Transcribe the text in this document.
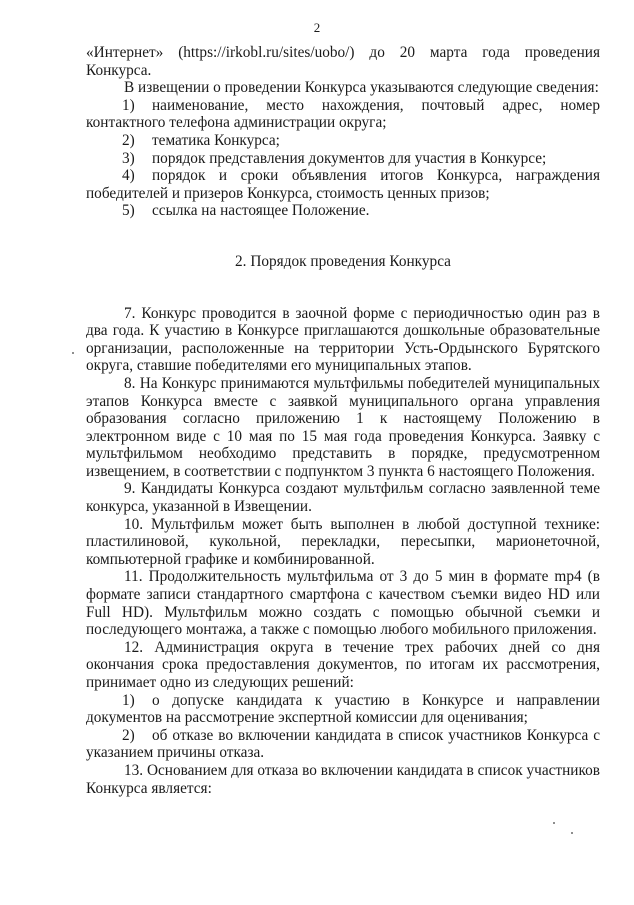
2

«Интернет» (https://irkobl.ru/sites/uobo/) до 20 марта года проведения Конкурса.

В извещении о проведении Конкурса указываются следующие сведения:

1) наименование, место нахождения, почтовый адрес, номер контактного телефона администрации округа;

2) тематика Конкурса;

3) порядок представления документов для участия в Конкурсе;

4) порядок и сроки объявления итогов Конкурса, награждения победителей и призеров Конкурса, стоимость ценных призов;

5) ссылка на настоящее Положение.

2. Порядок проведения Конкурса

7. Конкурс проводится в заочной форме с периодичностью один раз в два года. К участию в Конкурсе приглашаются дошкольные образовательные организации, расположенные на территории Усть-Ордынского Бурятского округа, ставшие победителями его муниципальных этапов.

8. На Конкурс принимаются мультфильмы победителей муниципальных этапов Конкурса вместе с заявкой муниципального органа управления образования согласно приложению 1 к настоящему Положению в электронном виде с 10 мая по 15 мая года проведения Конкурса. Заявку с мультфильмом необходимо представить в порядке, предусмотренном извещением, в соответствии с подпунктом 3 пункта 6 настоящего Положения.

9. Кандидаты Конкурса создают мультфильм согласно заявленной теме конкурса, указанной в Извещении.

10. Мультфильм может быть выполнен в любой доступной технике: пластилиновой, кукольной, перекладки, пересыпки, марионеточной, компьютерной графике и комбинированной.

11. Продолжительность мультфильма от 3 до 5 мин в формате mp4 (в формате записи стандартного смартфона с качеством съемки видео HD или Full HD). Мультфильм можно создать с помощью обычной съемки и последующего монтажа, а также с помощью любого мобильного приложения.

12. Администрация округа в течение трех рабочих дней со дня окончания срока предоставления документов, по итогам их рассмотрения, принимает одно из следующих решений:

1) о допуске кандидата к участию в Конкурсе и направлении документов на рассмотрение экспертной комиссии для оценивания;

2) об отказе во включении кандидата в список участников Конкурса с указанием причины отказа.

13. Основанием для отказа во включении кандидата в список участников Конкурса является:
